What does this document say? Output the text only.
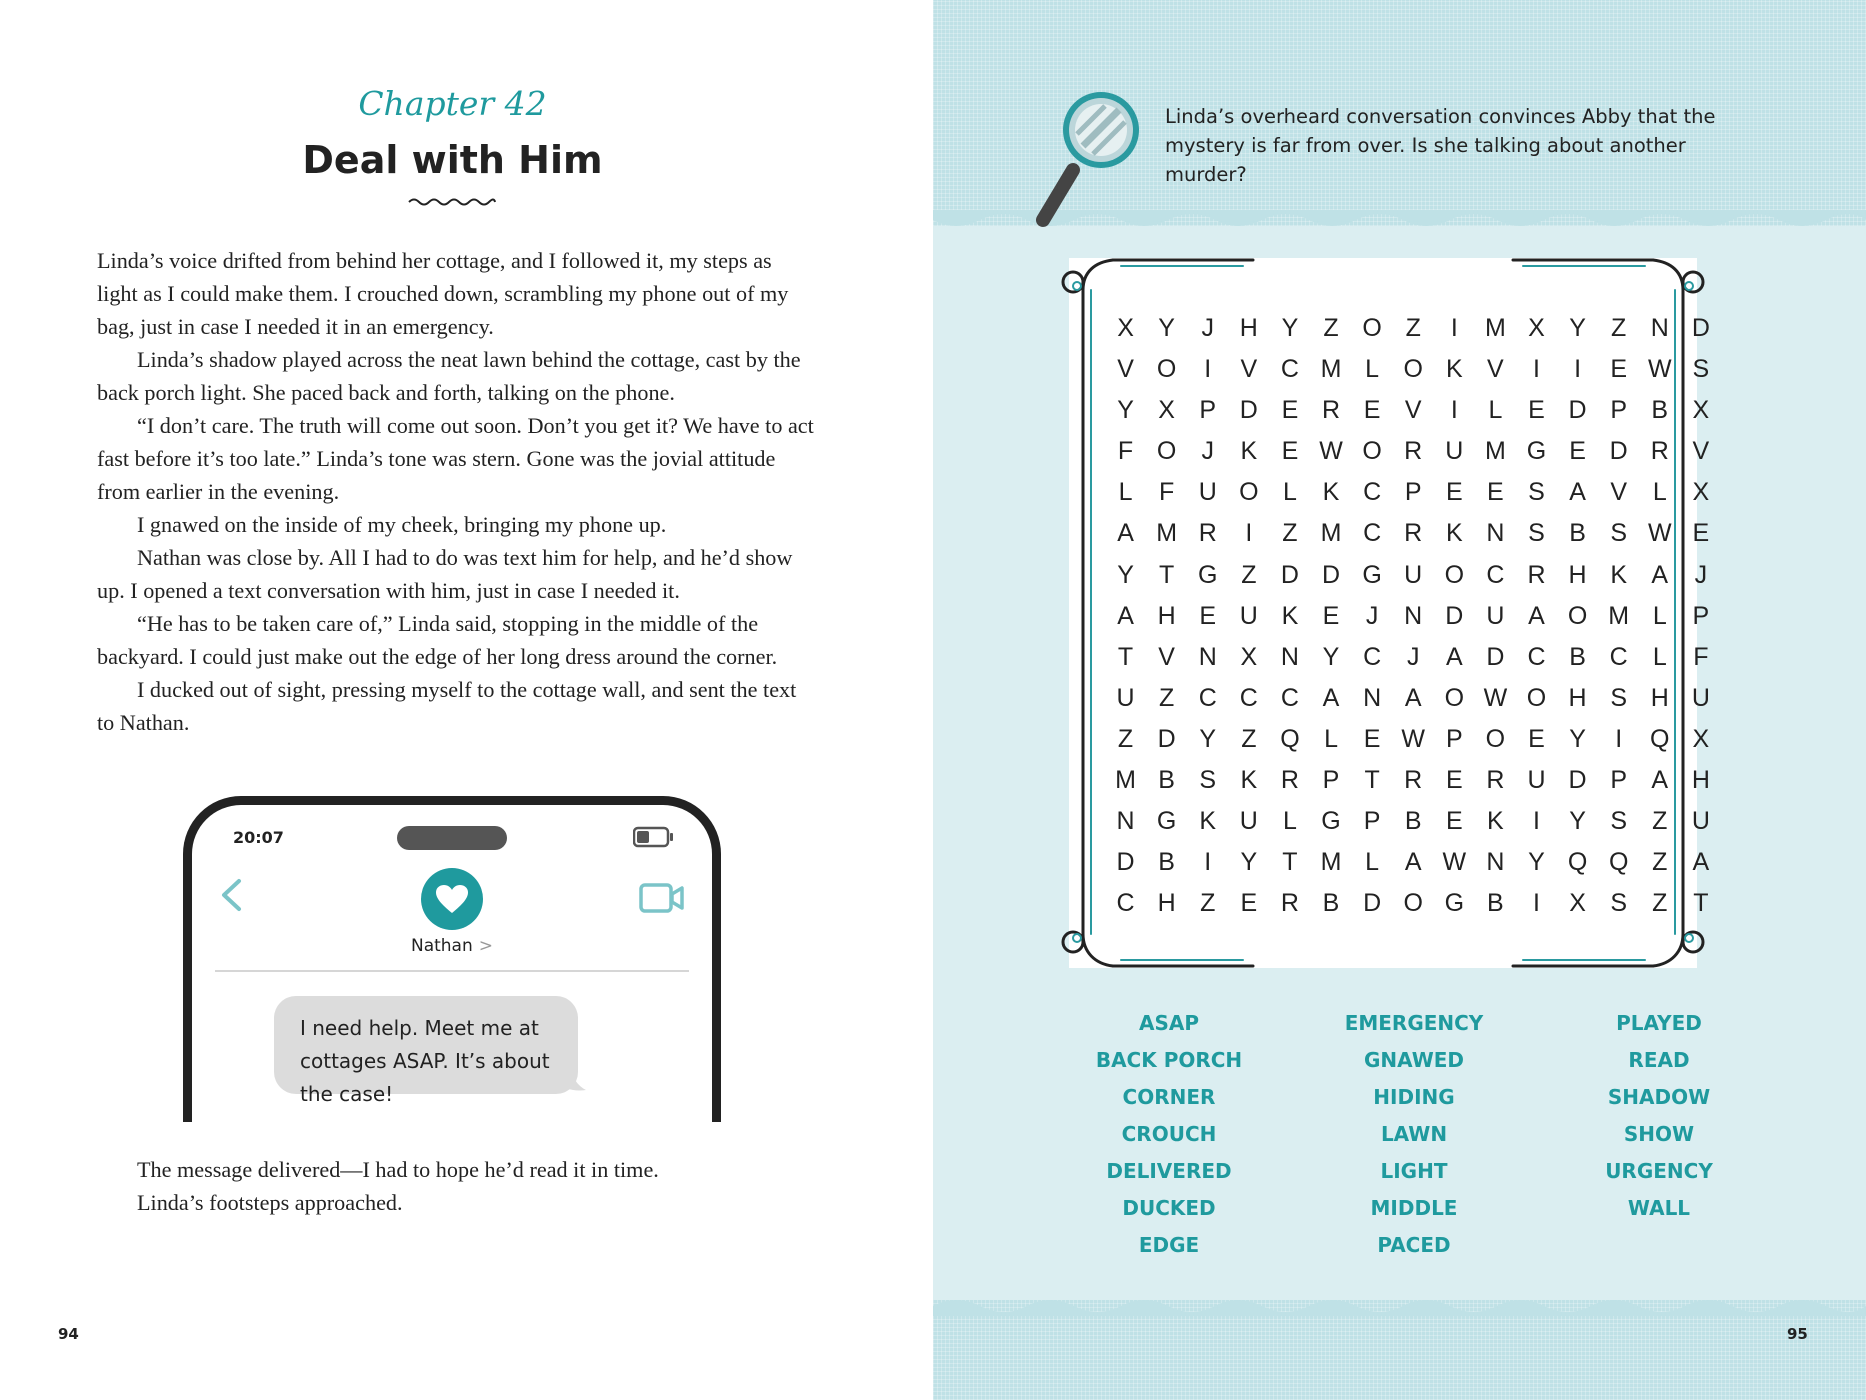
Chapter 42
Deal with Him

Linda’s voice drifted from behind her cottage, and I followed it, my steps as light as I could make them. I crouched down, scrambling my phone out of my bag, just in case I needed it in an emergency.

Linda’s shadow played across the neat lawn behind the cottage, cast by the back porch light. She paced back and forth, talking on the phone.

“I don’t care. The truth will come out soon. Don’t you get it? We have to act fast before it’s too late.” Linda’s tone was stern. Gone was the jovial attitude from earlier in the evening.

I gnawed on the inside of my cheek, bringing my phone up.

Nathan was close by. All I had to do was text him for help, and he’d show up. I opened a text conversation with him, just in case I needed it.

“He has to be taken care of,” Linda said, stopping in the middle of the backyard. I could just make out the edge of her long dress around the corner.

I ducked out of sight, pressing myself to the cottage wall, and sent the text to Nathan.

20:07
Nathan >
I need help. Meet me at cottages ASAP. It’s about the case!

The message delivered—I had to hope he’d read it in time.

Linda’s footsteps approached.

94
Linda’s overheard conversation convinces Abby that the mystery is far from over. Is she talking about another murder?
X Y	J	H Y	Z O Z	I	M X Y	Z N D
V O	I	V C M L O K V	I	I	E W S
Y X P D E R E V	I	L	E D P B X
F O	J	K E W O R U M G E D R V
L	F U O L	K C P E E S A V	L	X
A M R	I	Z M C R K N S B S W E
Y	T G Z D D G U O C R H K A	J
A H E U K E	J	N D U A O M L	P
T	V N X N Y C	J	A D C B C	L	F
U Z C C C A N A O W O H S H U
Z D Y	Z Q L	E W P O E Y	I	Q X
M B S K R P	T R E R U D P A H
N G K U	L G P B E K	I	Y S	Z U
D B	I	Y	T M L	A W N Y Q Q Z	A
C H Z	E R B D O G B	I	X S	Z	T
ASAP
BACK PORCH
CORNER
CROUCH
DELIVERED
DUCKED
EDGE
EMERGENCY
GNAWED
HIDING
LAWN
LIGHT
MIDDLE
PACED
PLAYED
READ
SHADOW
SHOW
URGENCY
WALL
95
